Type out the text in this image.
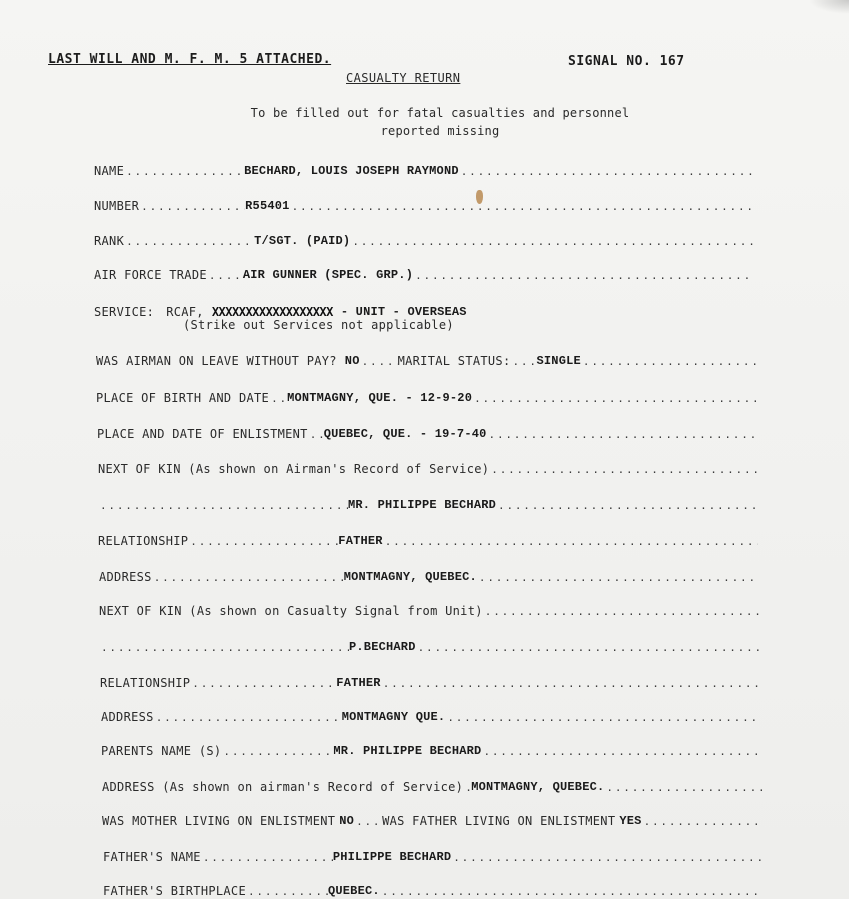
LAST WILL AND M. F. M. 5 ATTACHED.	SIGNAL NO. 167
CASUALTY RETURN
To be filled out for fatal casualties and personnel
reported missing
NAME .....	BECHARD, LOUIS JOSEPH RAYMOND
.....
NUMBER .....	R55401
.....
RANK .....	T/SGT. (PAID)
.....
AIR FORCE TRADE .....	AIR GUNNER (SPEC. GRP.)
.....
SERVICE:	RCAF, XXXXXXXXXXXXXXXXXX - UNIT - OVERSEAS
(Strike out Services not applicable)
WAS AIRMAN ON LEAVE WITHOUT PAY? NO .....	MARITAL STATUS: ..... SINGLE
.....
PLACE OF BIRTH AND DATE ..... MONTMAGNY, QUE. - 12-9-20
.....
PLACE AND DATE OF ENLISTMENT ..... QUEBEC, QUE. - 19-7-40
.....
NEXT OF KIN (As shown on Airman's Record of Service)
.....
.....
MR. PHILIPPE BECHARD
.....
RELATIONSHIP .....	FATHER
.....
ADDRESS .....	MONTMAGNY, QUEBEC.
.....
NEXT OF KIN (As shown on Casualty Signal from Unit)
.....
.....
P.BECHARD
.....
RELATIONSHIP .....	FATHER
.....
ADDRESS .....	MONTMAGNY QUE.
.....
PARENTS NAME (S) .....	MR. PHILIPPE BECHARD
.....
ADDRESS (As shown on airman's Record of Service) ..... MONTMAGNY, QUEBEC.
.....
WAS MOTHER LIVING ON ENLISTMENT NO ..... WAS FATHER LIVING ON ENLISTMENT YES
.....
FATHER'S NAME .....	PHILIPPE BECHARD
.....
FATHER'S BIRTHPLACE .....	QUEBEC.
.....
